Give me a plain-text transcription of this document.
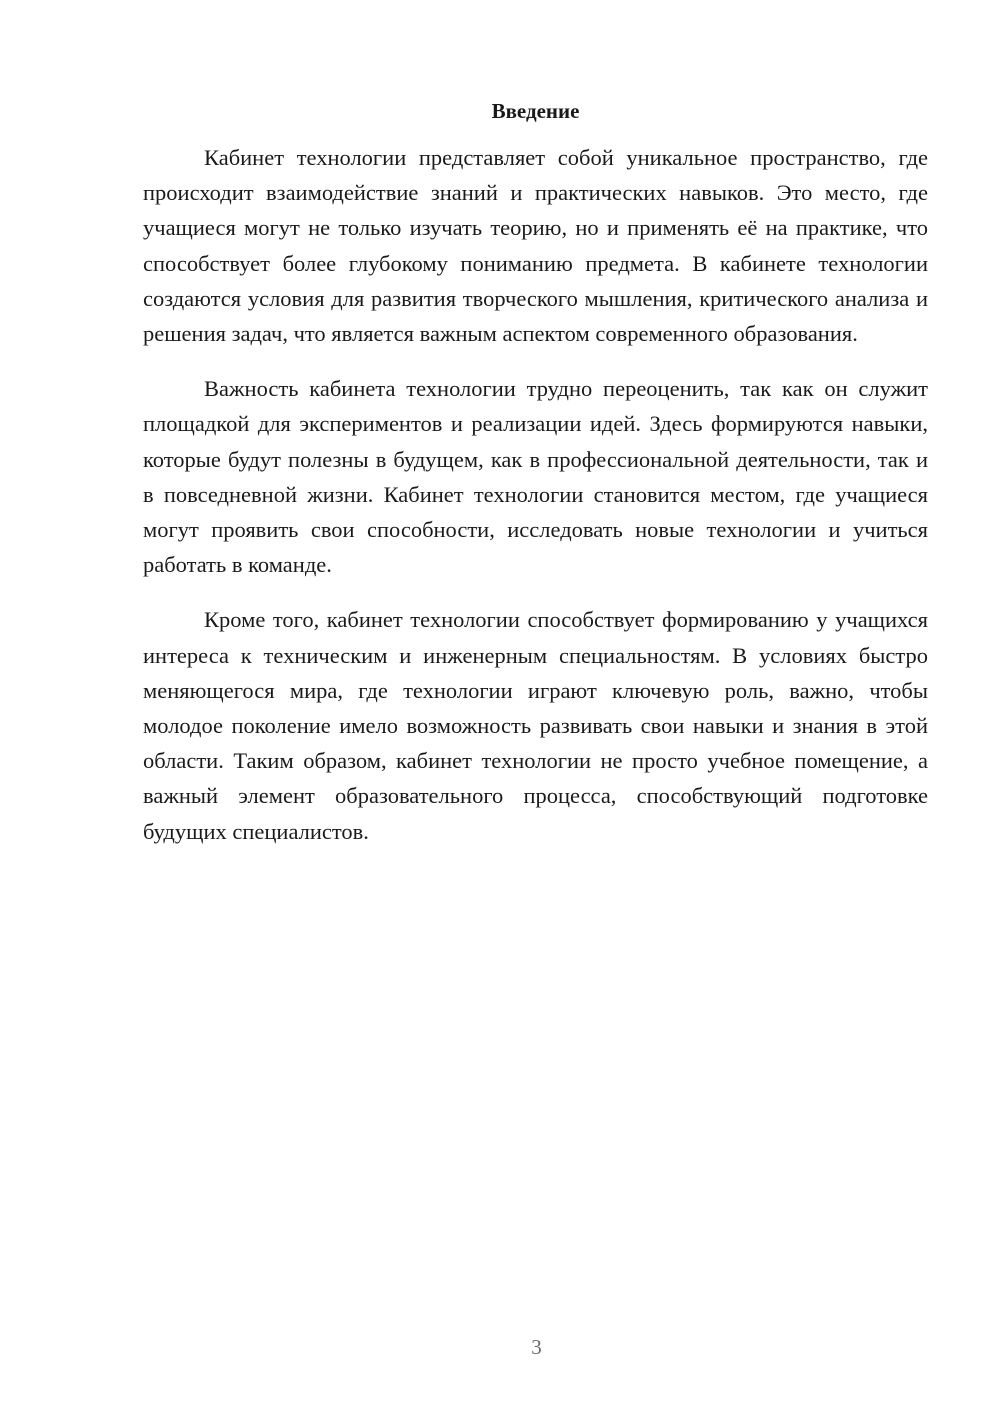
Введение

Кабинет технологии представляет собой уникальное пространство, где происходит взаимодействие знаний и практических навыков. Это место, где учащиеся могут не только изучать теорию, но и применять её на практике, что способствует более глубокому пониманию предмета. В кабинете технологии создаются условия для развития творческого мышления, критического анализа и решения задач, что является важным аспектом современного образования.

Важность кабинета технологии трудно переоценить, так как он служит площадкой для экспериментов и реализации идей. Здесь формируются навыки, которые будут полезны в будущем, как в профессиональной деятельности, так и в повседневной жизни. Кабинет технологии становится местом, где учащиеся могут проявить свои способности, исследовать новые технологии и учиться работать в команде.

Кроме того, кабинет технологии способствует формированию у учащихся интереса к техническим и инженерным специальностям. В условиях быстро меняющегося мира, где технологии играют ключевую роль, важно, чтобы молодое поколение имело возможность развивать свои навыки и знания в этой области. Таким образом, кабинет технологии не просто учебное помещение, а важный элемент образовательного процесса, способствующий подготовке будущих специалистов.

3
